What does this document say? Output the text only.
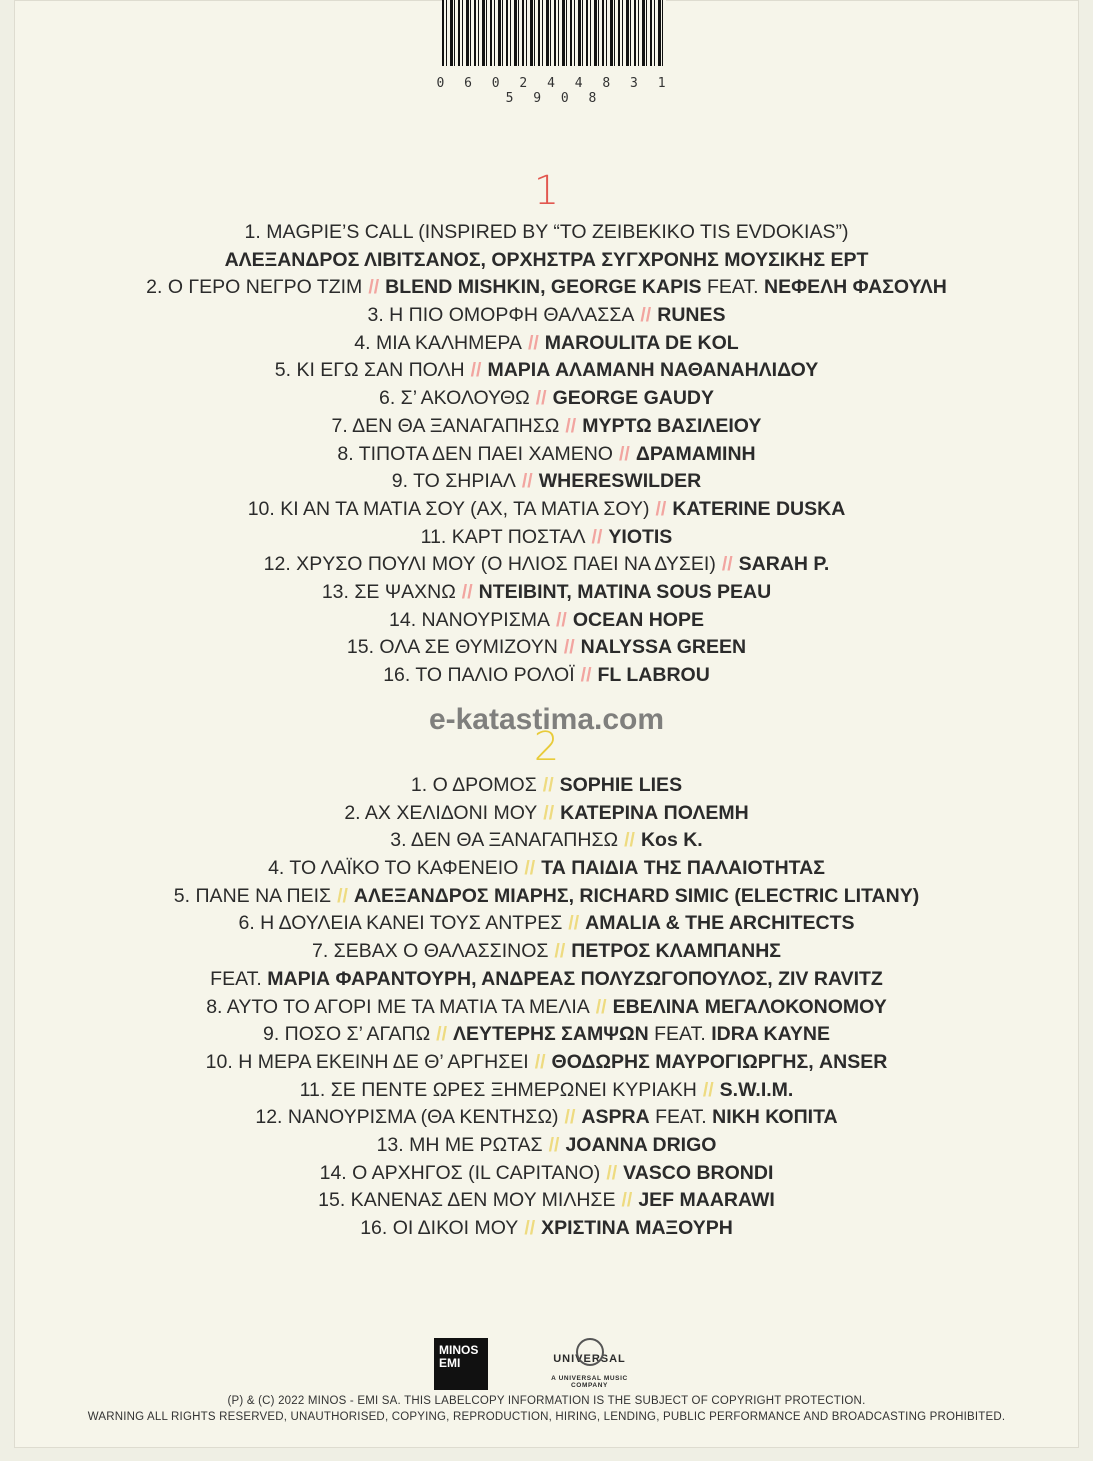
0 6 0 2 4 4 8 3 1 5 9 0 8
1
1. MAGPIE’S CALL (INSPIRED BY “TO ZEIBEKIKO TIS EVDOKIAS”)
ΑΛΕΞΑΝΔΡΟΣ ΛΙΒΙΤΣΑΝΟΣ, ΟΡΧΗΣΤΡΑ ΣΥΓΧΡΟΝΗΣ ΜΟΥΣΙΚΗΣ ΕΡΤ
2. Ο ΓΕΡΟ ΝΕΓΡΟ ΤΖΙΜ // BLEND MISHKIN, GEORGE KAPIS FEAT. ΝΕΦΕΛΗ ΦΑΣΟΥΛΗ
3. Η ΠΙΟ ΟΜΟΡΦΗ ΘΑΛΑΣΣΑ // RUNES
4. ΜΙΑ ΚΑΛΗΜΕΡΑ // MAROULITA DE KOL
5. ΚΙ ΕΓΩ ΣΑΝ ΠΟΛΗ // ΜΑΡΙΑ ΑΛΑΜΑΝΗ ΝΑΘΑΝΑΗΛΙΔΟΥ
6. Σ’ ΑΚΟΛΟΥΘΩ // GEORGE GAUDY
7. ΔΕΝ ΘΑ ΞΑΝΑΓΑΠΗΣΩ // ΜΥΡΤΩ ΒΑΣΙΛΕΙΟΥ
8. ΤΙΠΟΤΑ ΔΕΝ ΠΑΕΙ ΧΑΜΕΝΟ // ΔΡΑΜΑΜΙΝΗ
9. ΤΟ ΣΗΡΙΑΛ // WHERESWILDER
10. ΚΙ ΑΝ ΤΑ ΜΑΤΙΑ ΣΟΥ (ΑΧ, ΤΑ ΜΑΤΙΑ ΣΟΥ) // KATERINE DUSKA
11. ΚΑΡΤ ΠΟΣΤΑΛ // YIOTIS
12. ΧΡΥΣΟ ΠΟΥΛΙ ΜΟΥ (Ο ΗΛΙΟΣ ΠΑΕΙ ΝΑ ΔΥΣΕΙ) // SARAH P.
13. ΣΕ ΨΑΧΝΩ // ΝΤΕΙΒΙΝΤ, MATINA SOUS PEAU
14. ΝΑΝΟΥΡΙΣΜΑ // OCEAN HOPE
15. ΟΛΑ ΣΕ ΘΥΜΙΖΟΥΝ // NALYSSA GREEN
16. ΤΟ ΠΑΛΙΟ ΡΟΛΟΪ // FL LABROU
2
1. Ο ΔΡΟΜΟΣ // SOPHIE LIES
2. ΑΧ ΧΕΛΙΔΟΝΙ ΜΟΥ // ΚΑΤΕΡΙΝΑ ΠΟΛΕΜΗ
3. ΔΕΝ ΘΑ ΞΑΝΑΓΑΠΗΣΩ // Kos K.
4. ΤΟ ΛΑΪΚΟ ΤΟ ΚΑΦΕΝΕΙΟ // ΤΑ ΠΑΙΔΙΑ ΤΗΣ ΠΑΛΑΙΟΤΗΤΑΣ
5. ΠΑΝΕ ΝΑ ΠΕΙΣ // ΑΛΕΞΑΝΔΡΟΣ ΜΙΑΡΗΣ, RICHARD SIMIC (ELECTRIC LITANY)
6. Η ΔΟΥΛΕΙΑ ΚΑΝΕΙ ΤΟΥΣ ΑΝΤΡΕΣ // AMALIA & THE ARCHITECTS
7. ΣΕΒΑΧ Ο ΘΑΛΑΣΣΙΝΟΣ // ΠΕΤΡΟΣ ΚΛΑΜΠΑΝΗΣ
FEAT. ΜΑΡΙΑ ΦΑΡΑΝΤΟΥΡΗ, ΑΝΔΡΕΑΣ ΠΟΛΥΖΩΓΟΠΟΥΛΟΣ, ZIV RAVITZ
8. ΑΥΤΟ ΤΟ ΑΓΟΡΙ ΜΕ ΤΑ ΜΑΤΙΑ ΤΑ ΜΕΛΙΑ // ΕΒΕΛΙΝΑ ΜΕΓΑΛΟΚΟΝΟΜΟΥ
9. ΠΟΣΟ Σ’ ΑΓΑΠΩ // ΛΕΥΤΕΡΗΣ ΣΑΜΨΩΝ FEAT. IDRA KAYNE
10. Η ΜΕΡΑ ΕΚΕΙΝΗ ΔΕ Θ’ ΑΡΓΗΣΕΙ // ΘΟΔΩΡΗΣ ΜΑΥΡΟΓΙΩΡΓΗΣ, ANSER
11. ΣΕ ΠΕΝΤΕ ΩΡΕΣ ΞΗΜΕΡΩΝΕΙ ΚΥΡΙΑΚΗ // S.W.I.M.
12. ΝΑΝΟΥΡΙΣΜΑ (ΘΑ ΚΕΝΤΗΣΩ) // ASPRA FEAT. ΝΙΚΗ ΚΟΠΙΤΑ
13. ΜΗ ΜΕ ΡΩΤΑΣ // JOANNA DRIGO
14. Ο ΑΡΧΗΓΟΣ (IL CAPITANO) // VASCO BRONDI
15. ΚΑΝΕΝΑΣ ΔΕΝ ΜΟΥ ΜΙΛΗΣΕ // JEF MAARAWI
16. ΟΙ ΔΙΚΟΙ ΜΟΥ // ΧΡΙΣΤΙΝΑ ΜΑΞΟΥΡΗ
e-katastima.com
MINOS EMI	UNIVERSAL
A UNIVERSAL MUSIC COMPANY
(P) & (C) 2022 MINOS - EMI SA. THIS LABELCOPY INFORMATION IS THE SUBJECT OF COPYRIGHT PROTECTION.
WARNING ALL RIGHTS RESERVED, UNAUTHORISED, COPYING, REPRODUCTION, HIRING, LENDING, PUBLIC PERFORMANCE AND BROADCASTING PROHIBITED.
